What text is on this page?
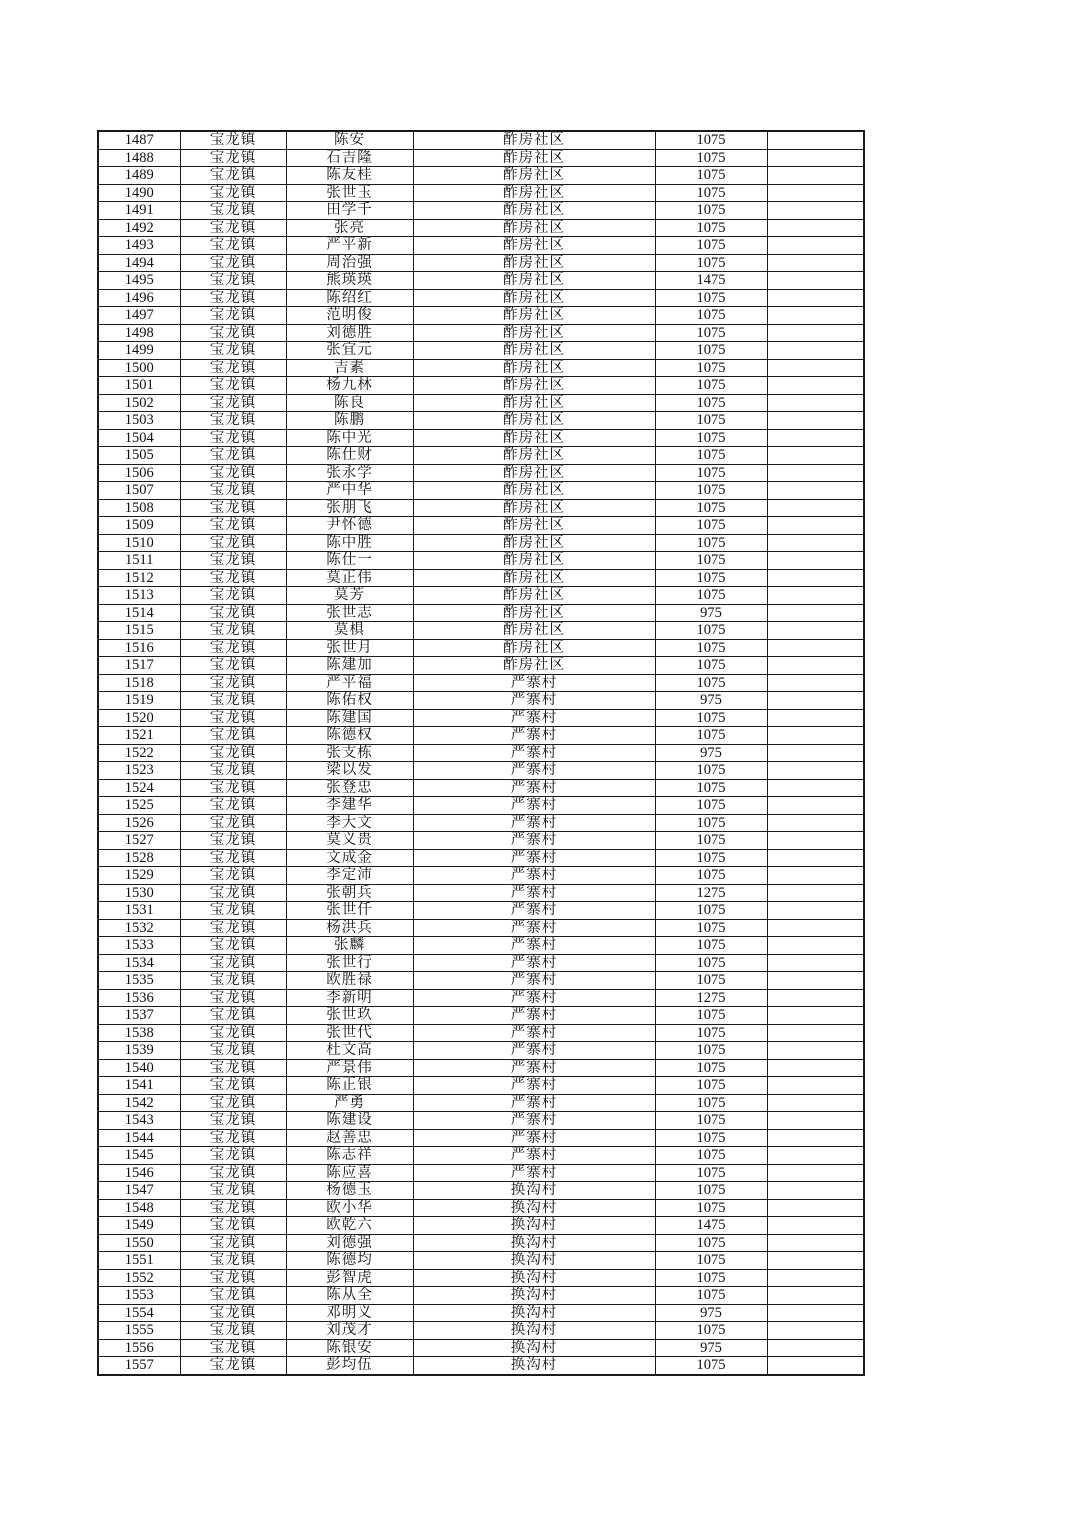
1487	宝龙镇	陈安	酢房社区	1075	
1488	宝龙镇	石吉隆	酢房社区	1075	
1489	宝龙镇	陈友桂	酢房社区	1075	
1490	宝龙镇	张世玉	酢房社区	1075	
1491	宝龙镇	田学千	酢房社区	1075	
1492	宝龙镇	张亮	酢房社区	1075	
1493	宝龙镇	严平新	酢房社区	1075	
1494	宝龙镇	周治强	酢房社区	1075	
1495	宝龙镇	熊瑛瑛	酢房社区	1475	
1496	宝龙镇	陈绍红	酢房社区	1075	
1497	宝龙镇	范明俊	酢房社区	1075	
1498	宝龙镇	刘德胜	酢房社区	1075	
1499	宝龙镇	张宜元	酢房社区	1075	
1500	宝龙镇	吉素	酢房社区	1075	
1501	宝龙镇	杨九林	酢房社区	1075	
1502	宝龙镇	陈良	酢房社区	1075	
1503	宝龙镇	陈鹏	酢房社区	1075	
1504	宝龙镇	陈中光	酢房社区	1075	
1505	宝龙镇	陈仕财	酢房社区	1075	
1506	宝龙镇	张永学	酢房社区	1075	
1507	宝龙镇	严中华	酢房社区	1075	
1508	宝龙镇	张朋飞	酢房社区	1075	
1509	宝龙镇	尹怀德	酢房社区	1075	
1510	宝龙镇	陈中胜	酢房社区	1075	
1511	宝龙镇	陈仕一	酢房社区	1075	
1512	宝龙镇	莫正伟	酢房社区	1075	
1513	宝龙镇	莫芳	酢房社区	1075	
1514	宝龙镇	张世志	酢房社区	975	
1515	宝龙镇	莫椇	酢房社区	1075	
1516	宝龙镇	张世月	酢房社区	1075	
1517	宝龙镇	陈建加	酢房社区	1075	
1518	宝龙镇	严平福	严寨村	1075	
1519	宝龙镇	陈佑权	严寨村	975	
1520	宝龙镇	陈建国	严寨村	1075	
1521	宝龙镇	陈德权	严寨村	1075	
1522	宝龙镇	张支栋	严寨村	975	
1523	宝龙镇	梁以发	严寨村	1075	
1524	宝龙镇	张登忠	严寨村	1075	
1525	宝龙镇	李建华	严寨村	1075	
1526	宝龙镇	李大文	严寨村	1075	
1527	宝龙镇	莫义贵	严寨村	1075	
1528	宝龙镇	文成金	严寨村	1075	
1529	宝龙镇	李定沛	严寨村	1075	
1530	宝龙镇	张朝兵	严寨村	1275	
1531	宝龙镇	张世仟	严寨村	1075	
1532	宝龙镇	杨洪兵	严寨村	1075	
1533	宝龙镇	张麟	严寨村	1075	
1534	宝龙镇	张世行	严寨村	1075	
1535	宝龙镇	欧胜禄	严寨村	1075	
1536	宝龙镇	李新明	严寨村	1275	
1537	宝龙镇	张世玖	严寨村	1075	
1538	宝龙镇	张世代	严寨村	1075	
1539	宝龙镇	杜文高	严寨村	1075	
1540	宝龙镇	严景伟	严寨村	1075	
1541	宝龙镇	陈正银	严寨村	1075	
1542	宝龙镇	严勇	严寨村	1075	
1543	宝龙镇	陈建设	严寨村	1075	
1544	宝龙镇	赵善忠	严寨村	1075	
1545	宝龙镇	陈志祥	严寨村	1075	
1546	宝龙镇	陈应喜	严寨村	1075	
1547	宝龙镇	杨德玉	换沟村	1075	
1548	宝龙镇	欧小华	换沟村	1075	
1549	宝龙镇	欧乾六	换沟村	1475	
1550	宝龙镇	刘德强	换沟村	1075	
1551	宝龙镇	陈德均	换沟村	1075	
1552	宝龙镇	彭智虎	换沟村	1075	
1553	宝龙镇	陈从全	换沟村	1075	
1554	宝龙镇	邓明义	换沟村	975	
1555	宝龙镇	刘茂才	换沟村	1075	
1556	宝龙镇	陈银安	换沟村	975	
1557	宝龙镇	彭均伍	换沟村	1075	
